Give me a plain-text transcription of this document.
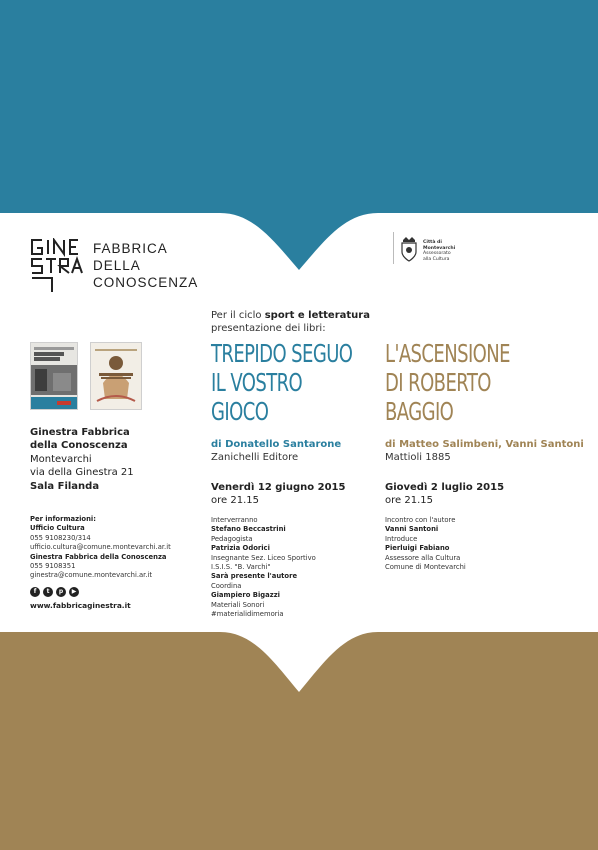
FABBRICA
DELLA
CONOSCENZA
Città di
Montevarchi
Assessorato
alla Cultura
Per il ciclo sport e letteratura
presentazione dei libri:
TREPIDO SEGUO
IL VOSTRO
GIOCO
di Donatello Santarone
Zanichelli Editore
Venerdì 12 giugno 2015
ore 21.15
Interverranno
Stefano Beccastrini
Pedagogista
Patrizia Odorici
Insegnante Sez. Liceo Sportivo
I.S.I.S. "B. Varchi"
Sarà presente l'autore
Coordina
Giampiero Bigazzi
Materiali Sonori
#materialidimemoria
L'ASCENSIONE
DI ROBERTO
BAGGIO
di Matteo Salimbeni, Vanni Santoni
Mattioli 1885
Giovedì 2 luglio 2015
ore 21.15
Incontro con l'autore
Vanni Santoni
Introduce
Pierluigi Fabiano
Assessore alla Cultura
Comune di Montevarchi
Ginestra Fabbrica
della Conoscenza
Montevarchi
via della Ginestra 21
Sala Filanda
Per informazioni:
Ufficio Cultura
055 9108230/314
ufficio.cultura@comune.montevarchi.ar.it
Ginestra Fabbrica della Conoscenza
055 9108351
ginestra@comune.montevarchi.ar.it
f t p ▶
www.fabbricaginestra.it
